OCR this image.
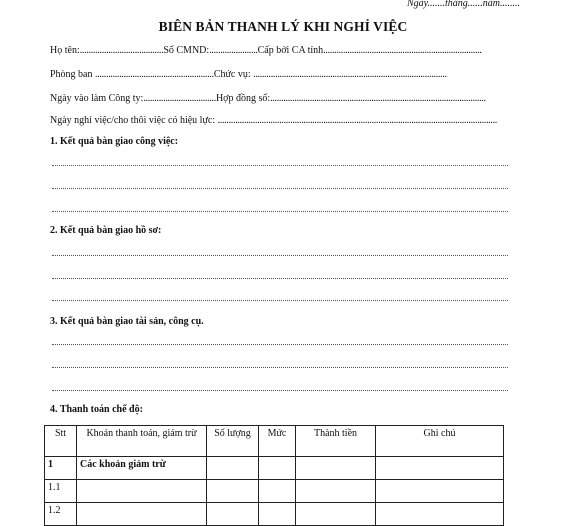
Ngày.......tháng......năm........
BIÊN BẢN THANH LÝ KHI NGHỈ VIỆC
Họ tên:......................................Số CMND:......................Cấp bởi CA tỉnh........................................................................
Phòng ban ......................................................Chức vụ: ........................................................................................
Ngày vào làm Công ty:.................................Hợp đồng số:..................................................................................................
Ngày nghỉ việc/cho thôi việc có hiệu lực: ...............................................................................................................................
1. Kết quả bàn giao công việc:
2. Kết quả bàn giao hồ sơ:
3. Kết quả bàn giao tài sản, công cụ.
4. Thanh toán chế độ:
Stt	Khoản thanh toán, giảm trừ	Số lượng	Mức	Thành tiền	Ghi chú
1	Các khoản giảm trừ				
1.1					
1.2					
